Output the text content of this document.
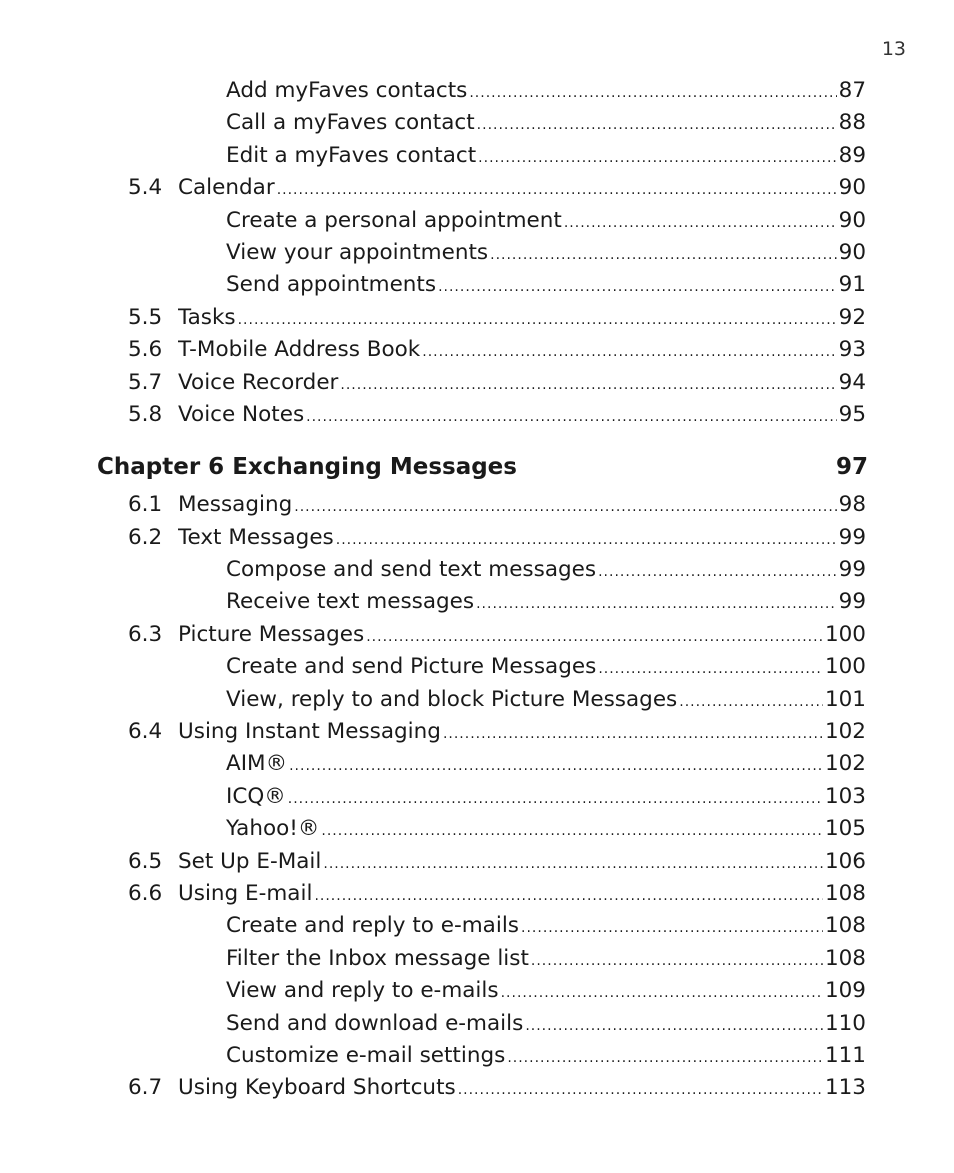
13
Add myFaves contacts .....	87
Call a myFaves contact .....	88
Edit a myFaves contact .....	89
5.4 Calendar .....	90
Create a personal appointment .....	90
View your appointments .....	90
Send appointments .....	91
5.5 Tasks .....	92
5.6 T-Mobile Address Book .....	93
5.7 Voice Recorder .....	94
5.8 Voice Notes .....	95
Chapter 6 Exchanging Messages	97
6.1 Messaging .....	98
6.2 Text Messages .....	99
Compose and send text messages .....	99
Receive text messages .....	99
6.3 Picture Messages .....	100
Create and send Picture Messages .....	100
View, reply to and block Picture Messages .....	101
6.4 Using Instant Messaging .....	102
AIM® .....	102
ICQ® .....	103
Yahoo!® .....	105
6.5 Set Up E-Mail .....	106
6.6 Using E-mail .....	108
Create and reply to e-mails .....	108
Filter the Inbox message list .....	108
View and reply to e-mails .....	109
Send and download e-mails .....	110
Customize e-mail settings .....	111
6.7 Using Keyboard Shortcuts .....	113
